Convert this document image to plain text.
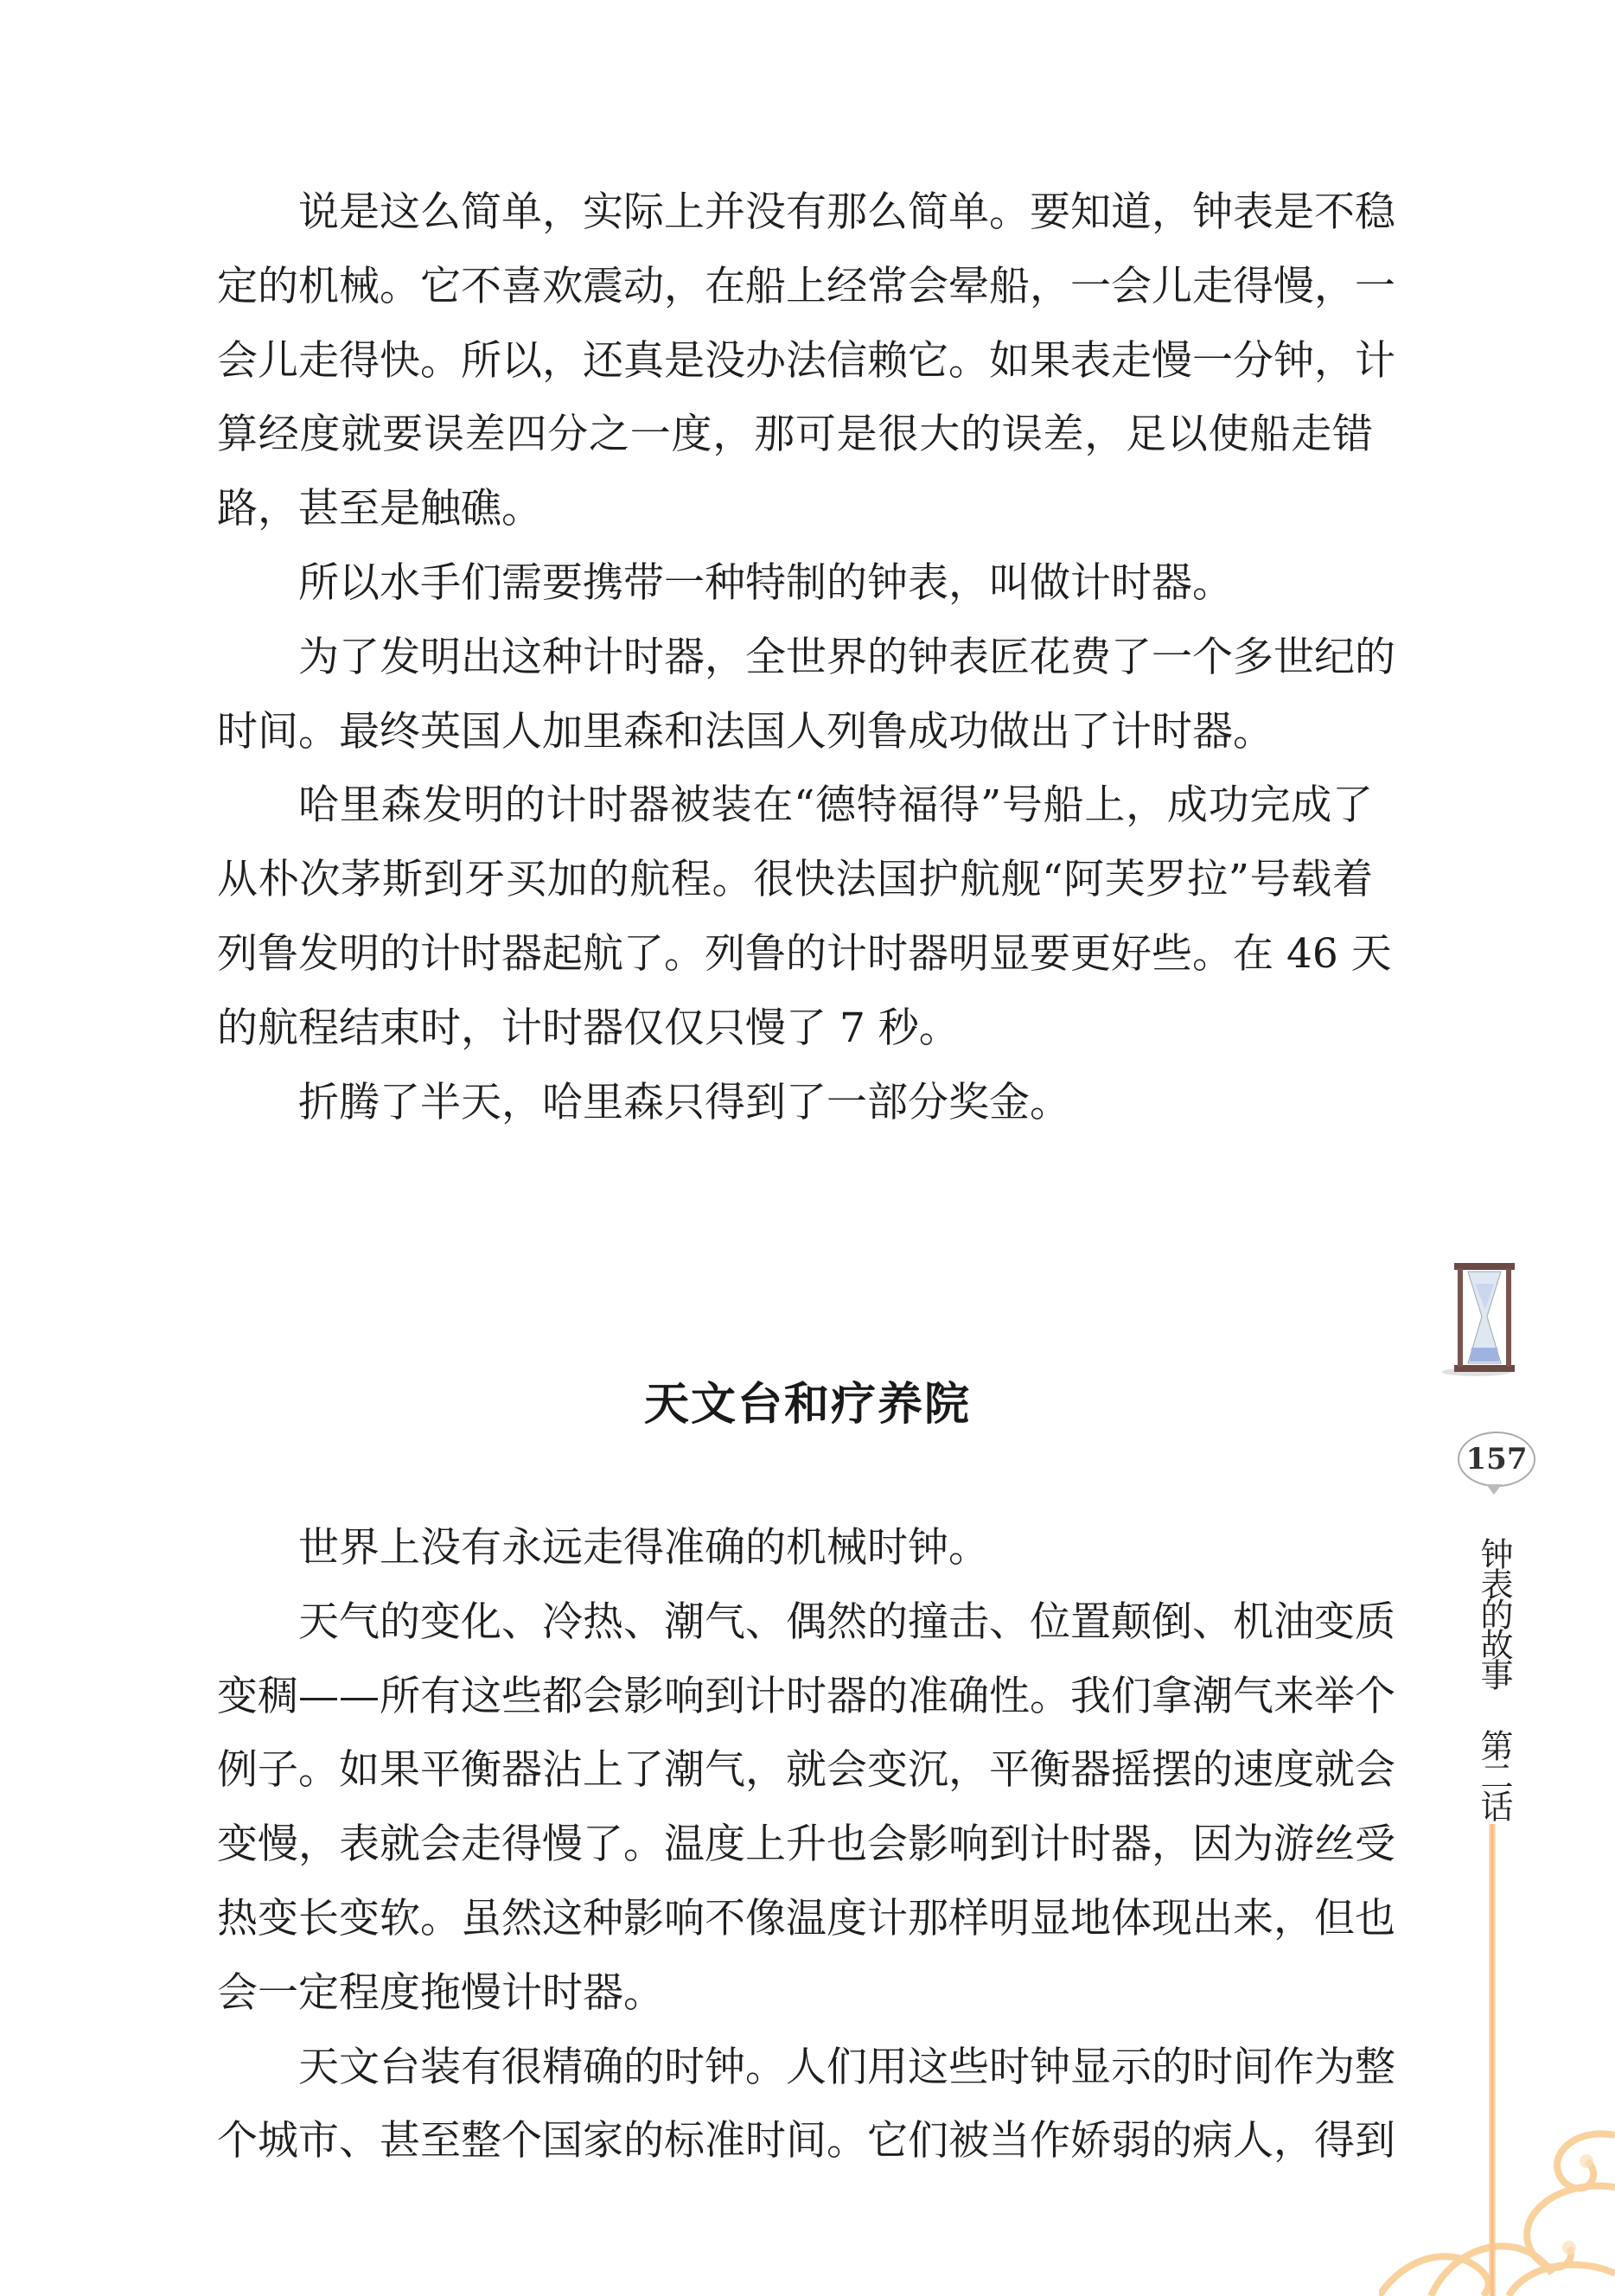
说是这么简单，实际上并没有那么简单。要知道，钟表是不稳
定的机械。它不喜欢震动，在船上经常会晕船，一会儿走得慢，一
会儿走得快。所以，还真是没办法信赖它。如果表走慢一分钟，计
算经度就要误差四分之一度，那可是很大的误差，足以使船走错
路，甚至是触礁。
所以水手们需要携带一种特制的钟表，叫做计时器。
为了发明出这种计时器，全世界的钟表匠花费了一个多世纪的
时间。最终英国人加里森和法国人列鲁成功做出了计时器。
哈里森发明的计时器被装在“德特福得”号船上，成功完成了
从朴次茅斯到牙买加的航程。很快法国护航舰“阿芙罗拉”号载着
列鲁发明的计时器起航了。列鲁的计时器明显要更好些。在 46 天
的航程结束时，计时器仅仅只慢了 7 秒。
折腾了半天，哈里森只得到了一部分奖金。
天文台和疗养院
世界上没有永远走得准确的机械时钟。
天气的变化、冷热、潮气、偶然的撞击、位置颠倒、机油变质
变稠——所有这些都会影响到计时器的准确性。我们拿潮气来举个
例子。如果平衡器沾上了潮气，就会变沉，平衡器摇摆的速度就会
变慢，表就会走得慢了。温度上升也会影响到计时器，因为游丝受
热变长变软。虽然这种影响不像温度计那样明显地体现出来，但也
会一定程度拖慢计时器。
天文台装有很精确的时钟。人们用这些时钟显示的时间作为整
个城市、甚至整个国家的标准时间。它们被当作娇弱的病人，得到
157
钟表的故事
第二话
